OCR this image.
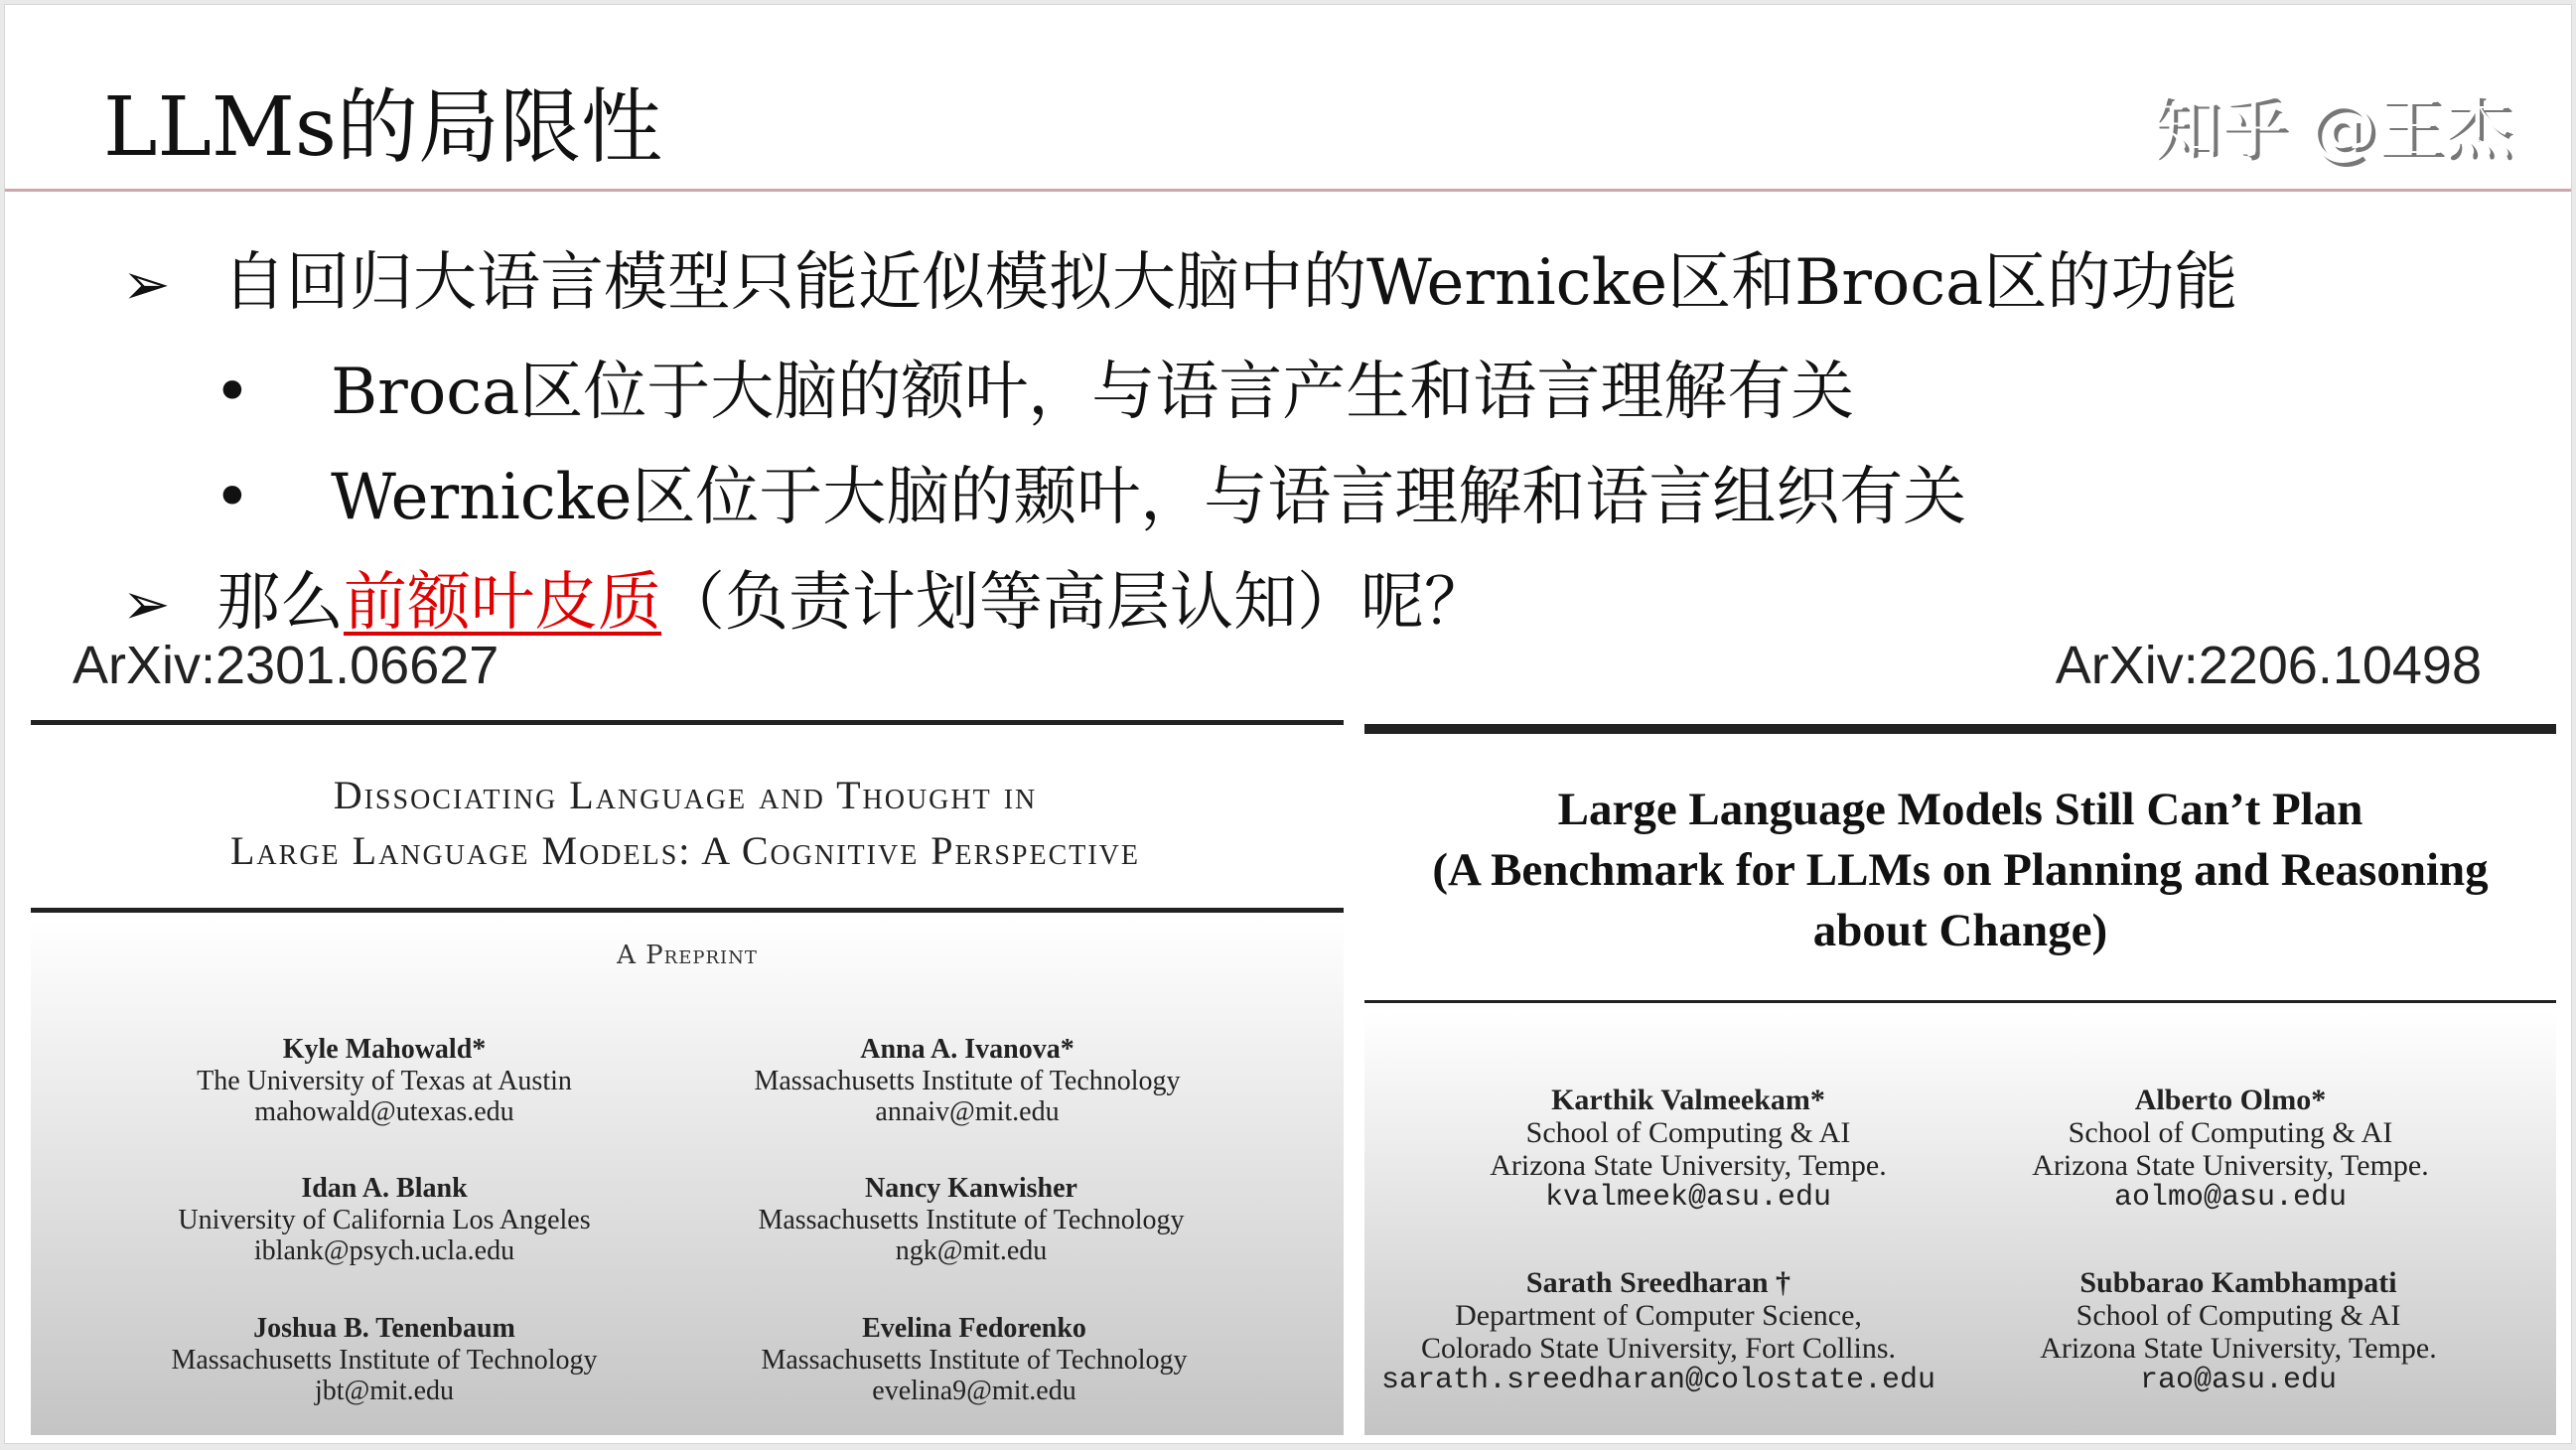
LLMs的局限性
➢ 自回归大语言模型只能近似模拟大脑中的Wernicke区和Broca区的功能
• Broca区位于大脑的额叶，与语言产生和语言理解有关
• Wernicke区位于大脑的颞叶，与语言理解和语言组织有关
➢ 那么前额叶皮质（负责计划等高层认知）呢？
ArXiv:2301.06627	ArXiv:2206.10498
Dissociating Language and Thought in
Large Language Models: A Cognitive Perspective
A Preprint
Kyle Mahowald*
The University of Texas at Austin
mahowald@utexas.edu
Anna A. Ivanova*
Massachusetts Institute of Technology
annaiv@mit.edu
Idan A. Blank
University of California Los Angeles
iblank@psych.ucla.edu
Nancy Kanwisher
Massachusetts Institute of Technology
ngk@mit.edu
Joshua B. Tenenbaum
Massachusetts Institute of Technology
jbt@mit.edu
Evelina Fedorenko
Massachusetts Institute of Technology
evelina9@mit.edu
Large Language Models Still Can’t Plan
(A Benchmark for LLMs on Planning and Reasoning
about Change)
Karthik Valmeekam*
School of Computing & AI
Arizona State University, Tempe.
kvalmeek@asu.edu
Alberto Olmo*
School of Computing & AI
Arizona State University, Tempe.
aolmo@asu.edu
Sarath Sreedharan †
Department of Computer Science,
Colorado State University, Fort Collins.
sarath.sreedharan@colostate.edu
Subbarao Kambhampati
School of Computing & AI
Arizona State University, Tempe.
rao@asu.edu
知乎 @王杰
